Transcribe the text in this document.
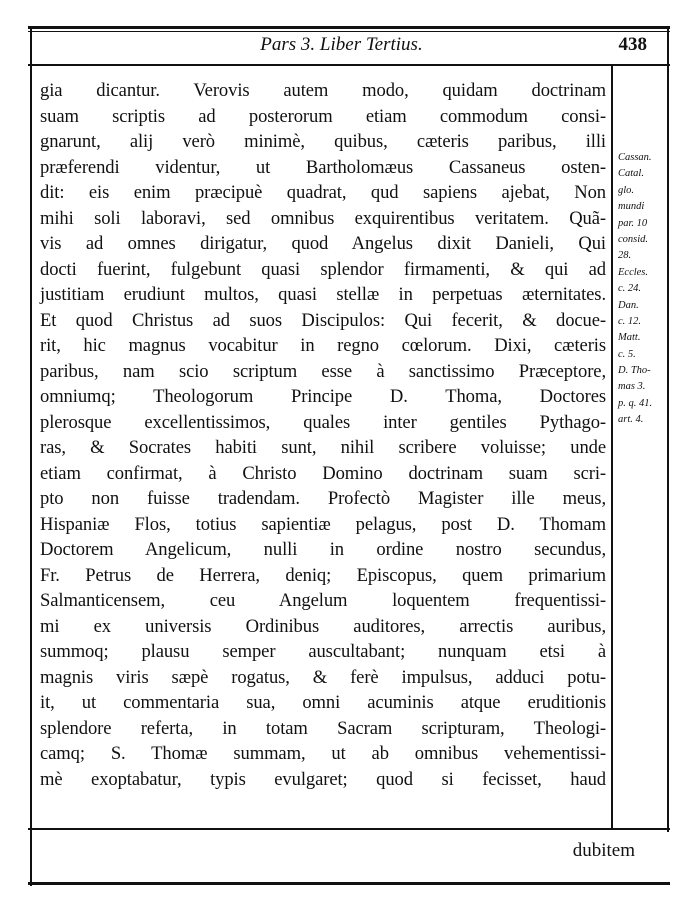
Pars 3. Liber Tertius.	438
gia dicantur. Verovis autem modo, quidam doctrinam
suam scriptis ad posterorum etiam commodum consi-
gnarunt, alij verò minimè, quibus, cæteris paribus, illi
præferendi videntur, ut Bartholomæus Cassaneus osten-
dit: eis enim præcipuè quadrat, qud sapiens ajebat, Non
mihi soli laboravi, sed omnibus exquirentibus veritatem. Quã-
vis ad omnes dirigatur, quod Angelus dixit Danieli, Qui
docti fuerint, fulgebunt quasi splendor firmamenti, & qui ad
justitiam erudiunt multos, quasi stellæ in perpetuas æternitates.
Et quod Christus ad suos Discipulos: Qui fecerit, & docue-
rit, hic magnus vocabitur in regno cœlorum. Dixi, cæteris
paribus, nam scio scriptum esse à sanctissimo Præceptore,
omniumq; Theologorum Principe D. Thoma, Doctores
plerosque excellentissimos, quales inter gentiles Pythago-
ras, & Socrates habiti sunt, nihil scribere voluisse; unde
etiam confirmat, à Christo Domino doctrinam suam scri-
pto non fuisse tradendam. Profectò Magister ille meus,
Hispaniæ Flos, totius sapientiæ pelagus, post D. Thomam
Doctorem Angelicum, nulli in ordine nostro secundus,
Fr. Petrus de Herrera, deniq; Episcopus, quem primarium
Salmanticensem, ceu Angelum loquentem frequentissi-
mi ex universis Ordinibus auditores, arrectis auribus,
summoq; plausu semper auscultabant; nunquam etsi à
magnis viris sæpè rogatus, & ferè impulsus, adduci potu-
it, ut commentaria sua, omni acuminis atque eruditionis
splendore referta, in totam Sacram scripturam, Theologi-
camq; S. Thomæ summam, ut ab omnibus vehementissi-
mè exoptabatur, typis evulgaret; quod si fecisset, haud
Cassan.
Catal.
glo.
mundi
par. 10
consid.
28.
Eccles.
c. 24.
Dan.
c. 12.
Matt.
c. 5.
D. Tho-
mas 3.
p. q. 41.
art. 4.
dubitem
